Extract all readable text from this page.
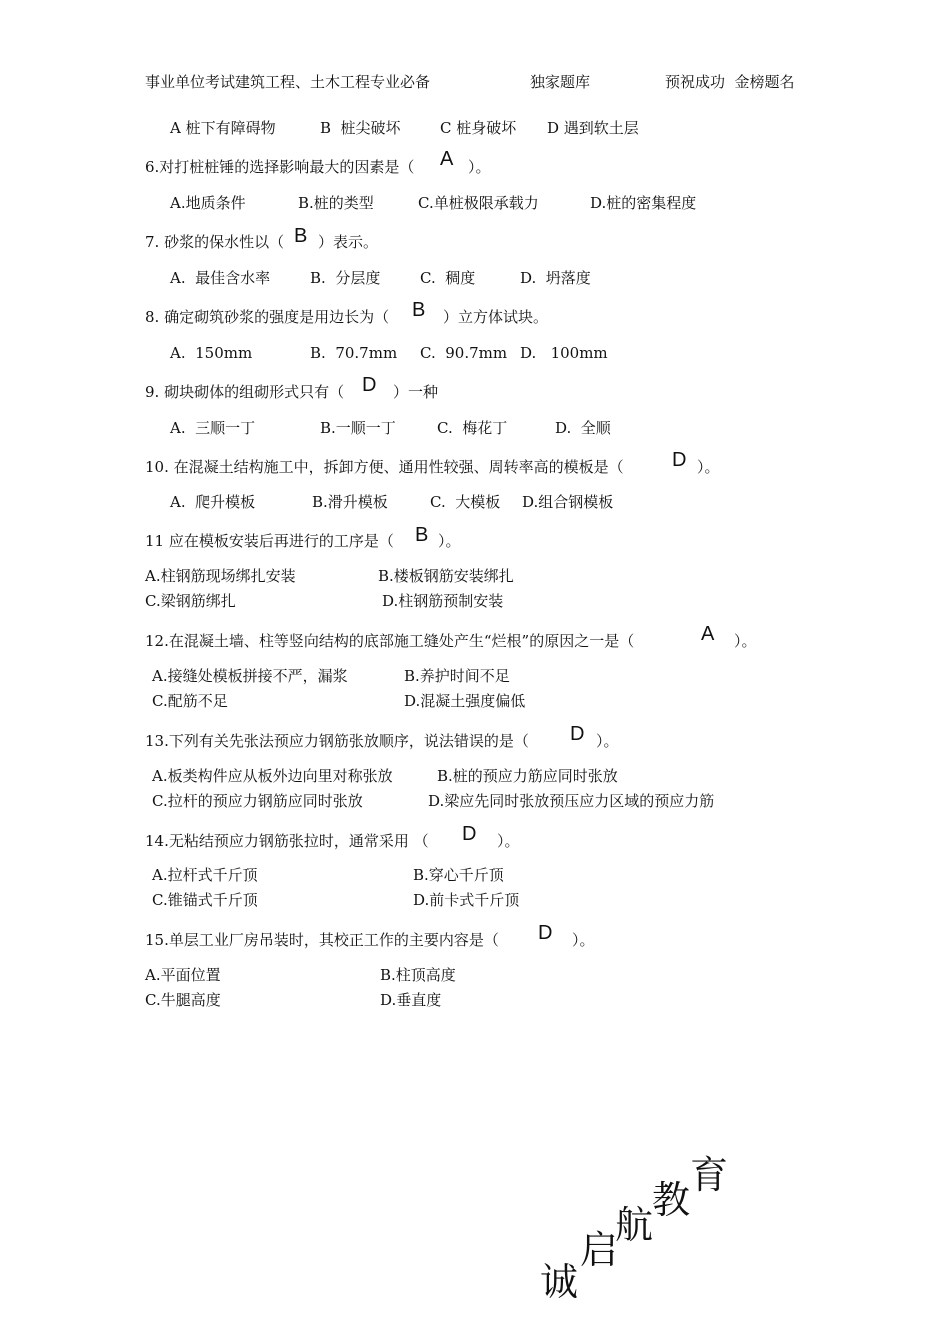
事业单位考试建筑工程、土木工程专业必备	独家题库	预祝成功  金榜题名
A 桩下有障碍物	B  桩尖破坏	C 桩身破坏 D 遇到软土层
6.对打桩桩锤的选择影响最大的因素是（ A ）。
A.地质条件	B.桩的类型	C.单桩极限承载力	D.桩的密集程度
7. 砂浆的保水性以（ B ）表示。
A.  最佳含水率	B.  分层度	C.  稠度	D.  坍落度
8. 确定砌筑砂浆的强度是用边长为（ B ）立方体试块。
A.  150mm	B.  70.7mm C.  90.7mm D.   100mm
9. 砌块砌体的组砌形式只有（ D ）一种
A.  三顺一丁	B.一顺一丁	C.  梅花丁	D.  全顺
10. 在混凝土结构施工中，拆卸方便、通用性较强、周转率高的模板是（ D ）。
A.  爬升模板	B.滑升模板	C.  大模板 D.组合钢模板
11 应在模板安装后再进行的工序是（ B ）。
A.柱钢筋现场绑扎安装	B.楼板钢筋安装绑扎
C.梁钢筋绑扎	D.柱钢筋预制安装
12.在混凝土墙、柱等竖向结构的底部施工缝处产生“烂根”的原因之一是（	A ）。
A.接缝处模板拼接不严，漏浆	B.养护时间不足
C.配筋不足	D.混凝土强度偏低
13.下列有关先张法预应力钢筋张放顺序，说法错误的是（ D ）。
A.板类构件应从板外边向里对称张放	B.桩的预应力筋应同时张放
C.拉杆的预应力钢筋应同时张放	D.梁应先同时张放预压应力区域的预应力筋
14.无粘结预应力钢筋张拉时，通常采用 （ D ）。
A.拉杆式千斤顶	B.穿心千斤顶
C.锥锚式千斤顶	D.前卡式千斤顶
15.单层工业厂房吊装时，其校正工作的主要内容是（ D ）。
A.平面位置	B.柱顶高度
C.牛腿高度	D.垂直度
诚
启
航
教
育
